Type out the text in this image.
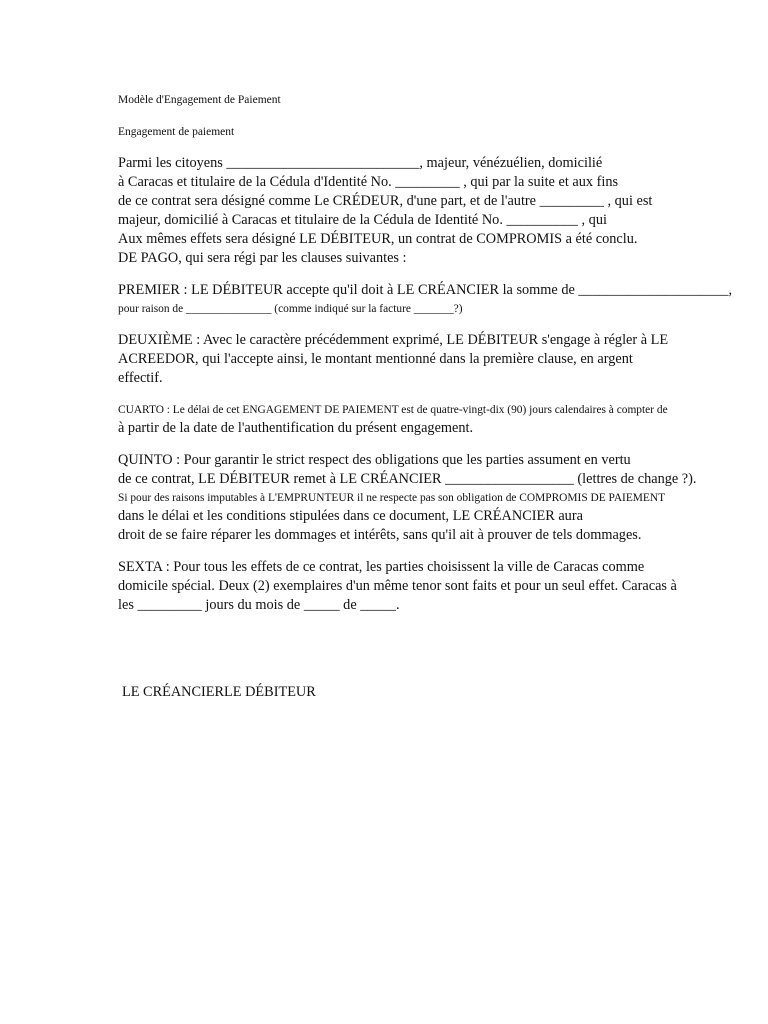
Modèle d'Engagement de Paiement
Engagement de paiement
Parmi les citoyens ___________________________, majeur, vénézuélien, domicilié
à Caracas et titulaire de la Cédula d'Identité No. _________ , qui par la suite et aux fins
de ce contrat sera désigné comme Le CRÉDEUR, d'une part, et de l'autre _________ , qui est
majeur, domicilié à Caracas et titulaire de la Cédula de Identité No. __________ , qui
Aux mêmes effets sera désigné LE DÉBITEUR, un contrat de COMPROMIS a été conclu.
DE PAGO, qui sera régi par les clauses suivantes :
PREMIER : LE DÉBITEUR accepte qu'il doit à LE CRÉANCIER la somme de _____________________,
pour raison de _______________ (comme indiqué sur la facture _______?)
DEUXIÈME : Avec le caractère précédemment exprimé, LE DÉBITEUR s'engage à régler à LE
ACREEDOR, qui l'accepte ainsi, le montant mentionné dans la première clause, en argent
effectif.
CUARTO : Le délai de cet ENGAGEMENT DE PAIEMENT est de quatre-vingt-dix (90) jours calendaires à compter de
à partir de la date de l'authentification du présent engagement.
QUINTO : Pour garantir le strict respect des obligations que les parties assument en vertu
de ce contrat, LE DÉBITEUR remet à LE CRÉANCIER __________________ (lettres de change ?).
Si pour des raisons imputables à L'EMPRUNTEUR il ne respecte pas son obligation de COMPROMIS DE PAIEMENT
dans le délai et les conditions stipulées dans ce document, LE CRÉANCIER aura
droit de se faire réparer les dommages et intérêts, sans qu'il ait à prouver de tels dommages.
SEXTA : Pour tous les effets de ce contrat, les parties choisissent la ville de Caracas comme
domicile spécial. Deux (2) exemplaires d'un même tenor sont faits et pour un seul effet. Caracas à
les _________ jours du mois de _____ de _____.
LE CRÉANCIERLE DÉBITEUR
